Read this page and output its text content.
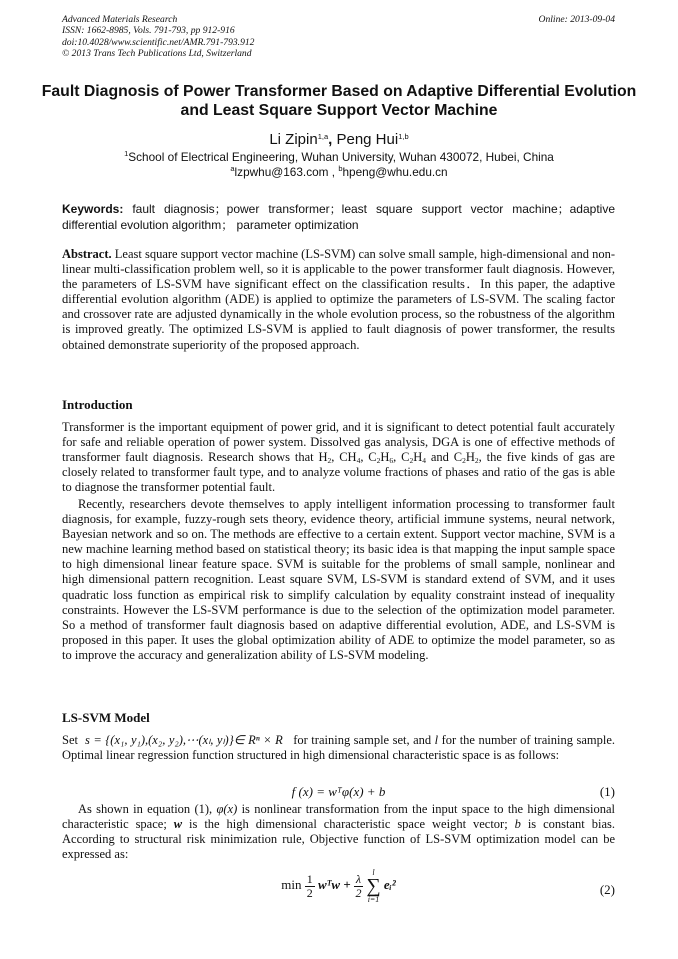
Advanced Materials Research
ISSN: 1662-8985, Vols. 791-793, pp 912-916
doi:10.4028/www.scientific.net/AMR.791-793.912
© 2013 Trans Tech Publications Ltd, Switzerland
Online: 2013-09-04
Fault Diagnosis of Power Transformer Based on Adaptive Differential Evolution and Least Square Support Vector Machine
Li Zipin$^{1,a}$, Peng Hui$^{1,b}$
$^1$School of Electrical Engineering, Wuhan University, Wuhan 430072, Hubei, China
$^a$lzpwhu@163.com , $^b$hpeng@whu.edu.cn
Keywords: fault diagnosis；power transformer；least square support vector machine；adaptive differential evolution algorithm； parameter optimization
Abstract. Least square support vector machine (LS-SVM) can solve small sample, high-dimensional and non-linear multi-classification problem well, so it is applicable to the power transformer fault diagnosis. However, the parameters of LS-SVM have significant effect on the classification results．In this paper, the adaptive differential evolution algorithm (ADE) is applied to optimize the parameters of LS-SVM. The scaling factor and crossover rate are adjusted dynamically in the whole evolution process, so the robustness of the algorithm is improved greatly. The optimized LS-SVM is applied to fault diagnosis of power transformer, the results obtained demonstrate superiority of the proposed approach.
Introduction
Transformer is the important equipment of power grid, and it is significant to detect potential fault accurately for safe and reliable operation of power system. Dissolved gas analysis, DGA is one of effective methods of transformer fault diagnosis. Research shows that $H_2$, $CH_4$, $C_2H_6$, $C_2H_4$ and $C_2H_2$, the five kinds of gas are closely related to transformer fault type, and to analyze volume fractions of phases and ratio of the gas is able to diagnose the transformer potential fault.
Recently, researchers devote themselves to apply intelligent information processing to transformer fault diagnosis, for example, fuzzy-rough sets theory, evidence theory, artificial immune systems, neural network, Bayesian network and so on. The methods are effective to a certain extent. Support vector machine, SVM is a new machine learning method based on statistical theory; its basic idea is that mapping the input sample space to high dimensional linear feature space. SVM is suitable for the problems of small sample, nonlinear and high dimensional pattern recognition. Least square SVM, LS-SVM is standard extend of SVM, and it uses quadratic loss function as empirical risk to simplify calculation by equality constraint instead of inequality constraints. However the LS-SVM performance is due to the selection of the optimization model parameter. So a method of transformer fault diagnosis based on adaptive differential evolution, ADE, and LS-SVM is proposed in this paper. It uses the global optimization ability of ADE to optimize the model parameter, so as to improve the accuracy and generalization ability of LS-SVM modeling.
LS-SVM Model
Set s = {(x₁, y₁),(x₂, y₂),⋯(xₗ, yₗ)}∈ Rⁿ × R   for training sample set, and l for the number of training sample. Optimal linear regression function structured in high dimensional characteristic space is as follows:
f (x) = wᵀφ(x) + b	(1)
As shown in equation (1), φ(x) is nonlinear transformation from the input space to the high dimensional characteristic space; w is the high dimensional characteristic space weight vector; b is constant bias. According to structural risk minimization rule, Objective function of LS-SVM optimization model can be expressed as:
$\min \frac{1}{2}$ wᵀw + $\frac{\lambda}{2}$
	l
∑
i=1
eᵢ²	(2)
